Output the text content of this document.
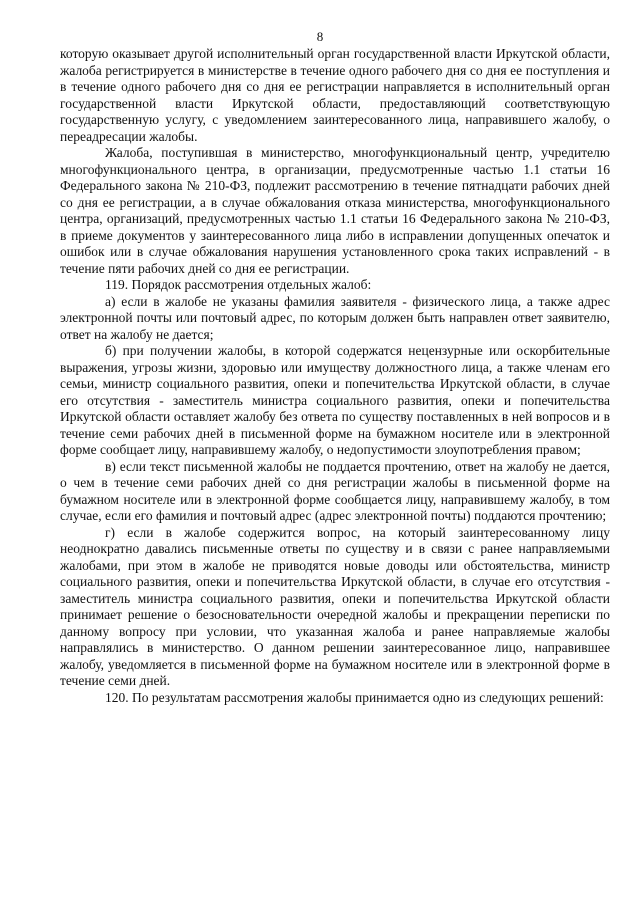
8

которую оказывает другой исполнительный орган государственной власти Иркутской области, жалоба регистрируется в министерстве в течение одного рабочего дня со дня ее поступления и в течение одного рабочего дня со дня ее регистрации направляется в исполнительный орган государственной власти Иркутской области, предоставляющий соответствующую государственную услугу, с уведомлением заинтересованного лица, направившего жалобу, о переадресации жалобы.

Жалоба, поступившая в министерство, многофункциональный центр, учредителю многофункционального центра, в организации, предусмотренные частью 1.1 статьи 16 Федерального закона № 210-ФЗ, подлежит рассмотрению в течение пятнадцати рабочих дней со дня ее регистрации, а в случае обжалования отказа министерства, многофункционального центра, организаций, предусмотренных частью 1.1 статьи 16 Федерального закона № 210-ФЗ, в приеме документов у заинтересованного лица либо в исправлении допущенных опечаток и ошибок или в случае обжалования нарушения установленного срока таких исправлений - в течение пяти рабочих дней со дня ее регистрации.

119. Порядок рассмотрения отдельных жалоб:

а) если в жалобе не указаны фамилия заявителя - физического лица, а также адрес электронной почты или почтовый адрес, по которым должен быть направлен ответ заявителю, ответ на жалобу не дается;

б) при получении жалобы, в которой содержатся нецензурные или оскорбительные выражения, угрозы жизни, здоровью или имуществу должностного лица, а также членам его семьи, министр социального развития, опеки и попечительства Иркутской области, в случае его отсутствия - заместитель министра социального развития, опеки и попечительства Иркутской области оставляет жалобу без ответа по существу поставленных в ней вопросов и в течение семи рабочих дней в письменной форме на бумажном носителе или в электронной форме сообщает лицу, направившему жалобу, о недопустимости злоупотребления правом;

в) если текст письменной жалобы не поддается прочтению, ответ на жалобу не дается, о чем в течение семи рабочих дней со дня регистрации жалобы в письменной форме на бумажном носителе или в электронной форме сообщается лицу, направившему жалобу, в том случае, если его фамилия и почтовый адрес (адрес электронной почты) поддаются прочтению;

г) если в жалобе содержится вопрос, на который заинтересованному лицу неоднократно давались письменные ответы по существу и в связи с ранее направляемыми жалобами, при этом в жалобе не приводятся новые доводы или обстоятельства, министр социального развития, опеки и попечительства Иркутской области, в случае его отсутствия - заместитель министра социального развития, опеки и попечительства Иркутской области принимает решение о безосновательности очередной жалобы и прекращении переписки по данному вопросу при условии, что указанная жалоба и ранее направляемые жалобы направлялись в министерство. О данном решении заинтересованное лицо, направившее жалобу, уведомляется в письменной форме на бумажном носителе или в электронной форме в течение семи дней.

120. По результатам рассмотрения жалобы принимается одно из следующих решений:
